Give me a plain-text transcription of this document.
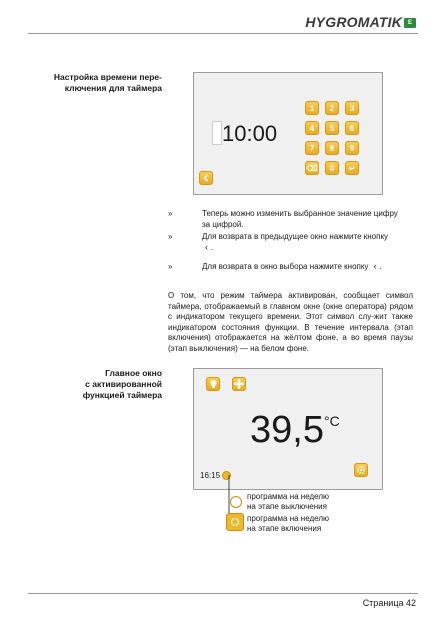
HYGROMATIK E
Настройка времени пере-
ключения для таймера
10:00
1	2	3
4	5	6
7	8	9
⌫	0	↵
»	Теперь можно изменить выбранное значение цифру за цифрой.
»	Для возврата в предыдущее окно нажмите кнопку
‹ .
»	Для возврата в окно выбора нажмите кнопку ‹ .
О том, что режим таймера активирован, сообщает символ таймера, отображаемый в главном окне (окне оператора) рядом с индикатором текущего времени. Этот символ слу-жит также индикатором состояния функции. В течение интервала (этап включения) отображается на жёлтом фоне, а во время паузы (этап выключения) — на белом фоне.
Главное окно
с активированной
функцией таймера
$39,5^{^\circ C}$
16:15
программа на неделю
на этапе выключения
программа на неделю
на этапе включения
Страница 42
